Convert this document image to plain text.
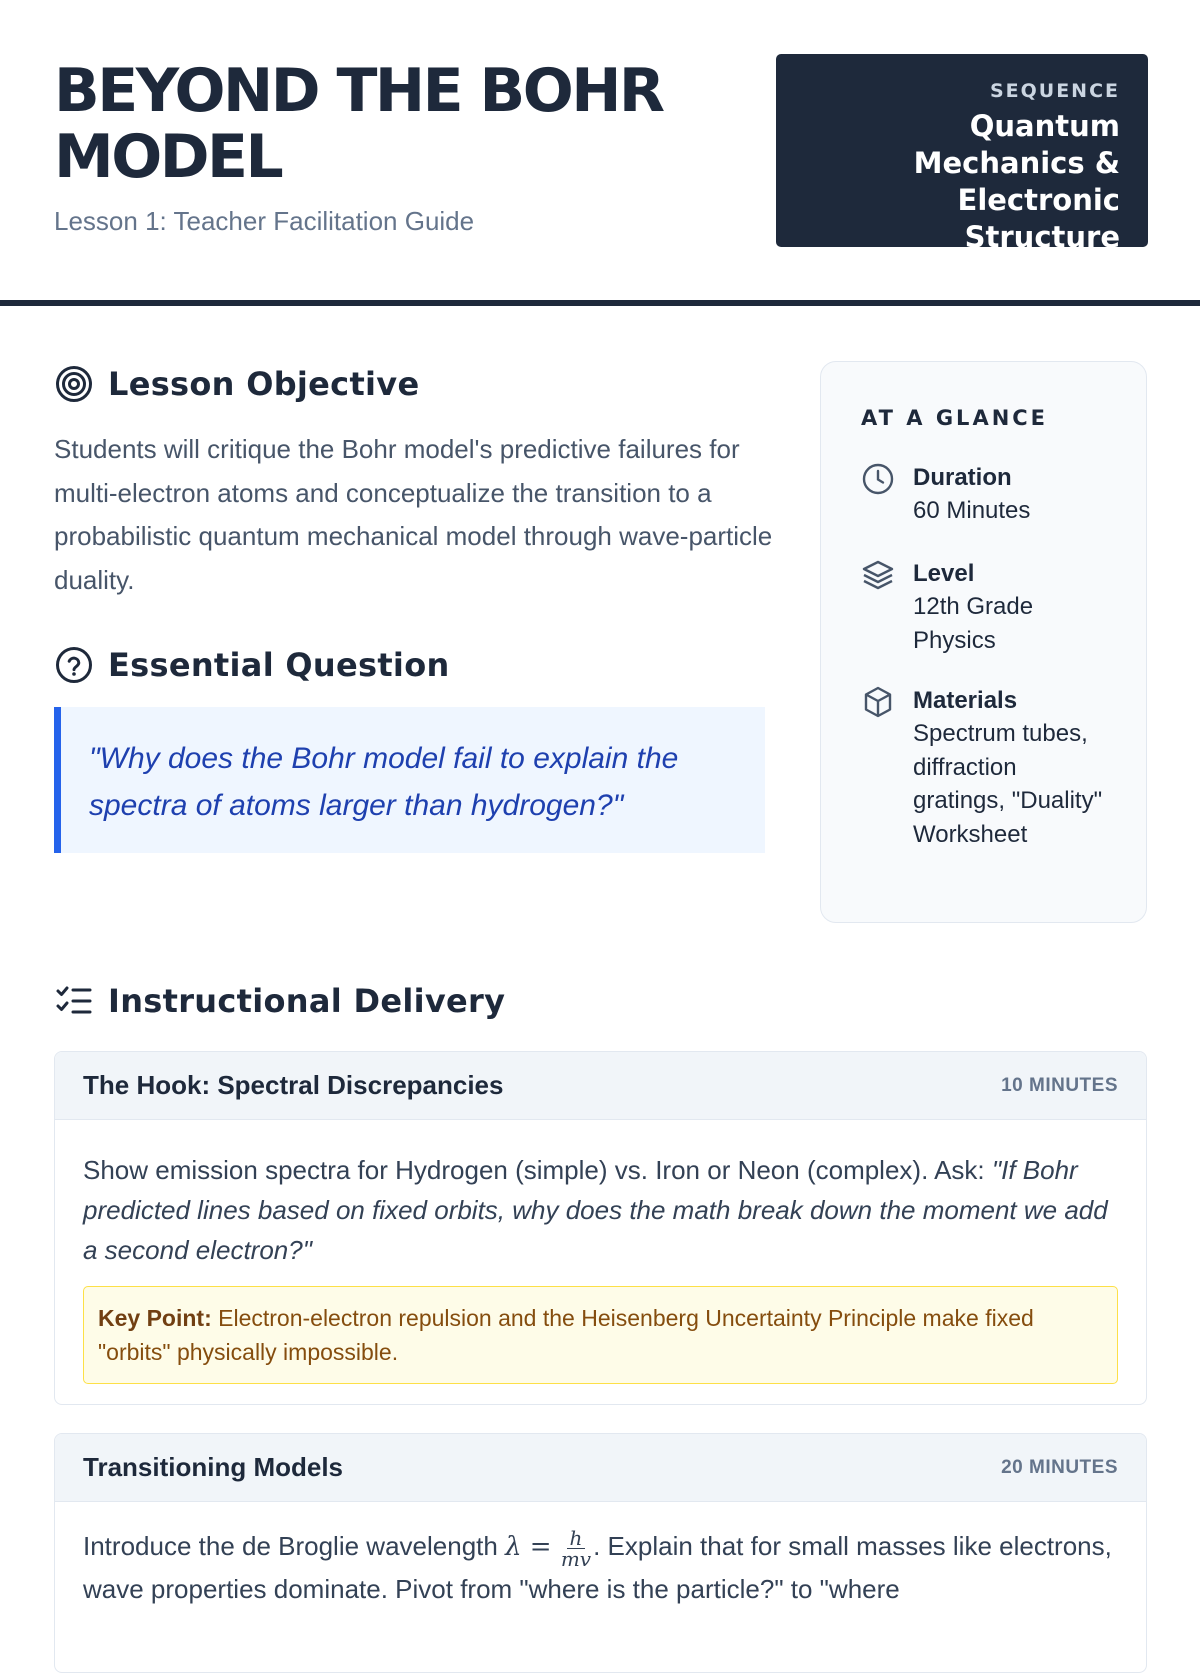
BEYOND THE BOHR MODEL
Lesson 1: Teacher Facilitation Guide
SEQUENCE
Quantum Mechanics & Electronic Structure
Lesson Objective
Students will critique the Bohr model's predictive failures for multi-electron atoms and conceptualize the transition to a probabilistic quantum mechanical model through wave-particle duality.
Essential Question
"Why does the Bohr model fail to explain the spectra of atoms larger than hydrogen?"
AT A GLANCE
Duration
60 Minutes
Level
12th Grade Physics
Materials
Spectrum tubes, diffraction gratings, "Duality" Worksheet
Instructional Delivery
The Hook: Spectral Discrepancies	10 MINUTES
Show emission spectra for Hydrogen (simple) vs. Iron or Neon (complex). Ask: "If Bohr predicted lines based on fixed orbits, why does the math break down the moment we add a second electron?"
Key Point: Electron-electron repulsion and the Heisenberg Uncertainty Principle make fixed "orbits" physically impossible.
Transitioning Models	20 MINUTES
Introduce the de Broglie wavelength $\lambda = \frac{h}{mv}$ . Explain that for small masses like electrons, wave properties dominate. Pivot from "where is the particle?" to "where
